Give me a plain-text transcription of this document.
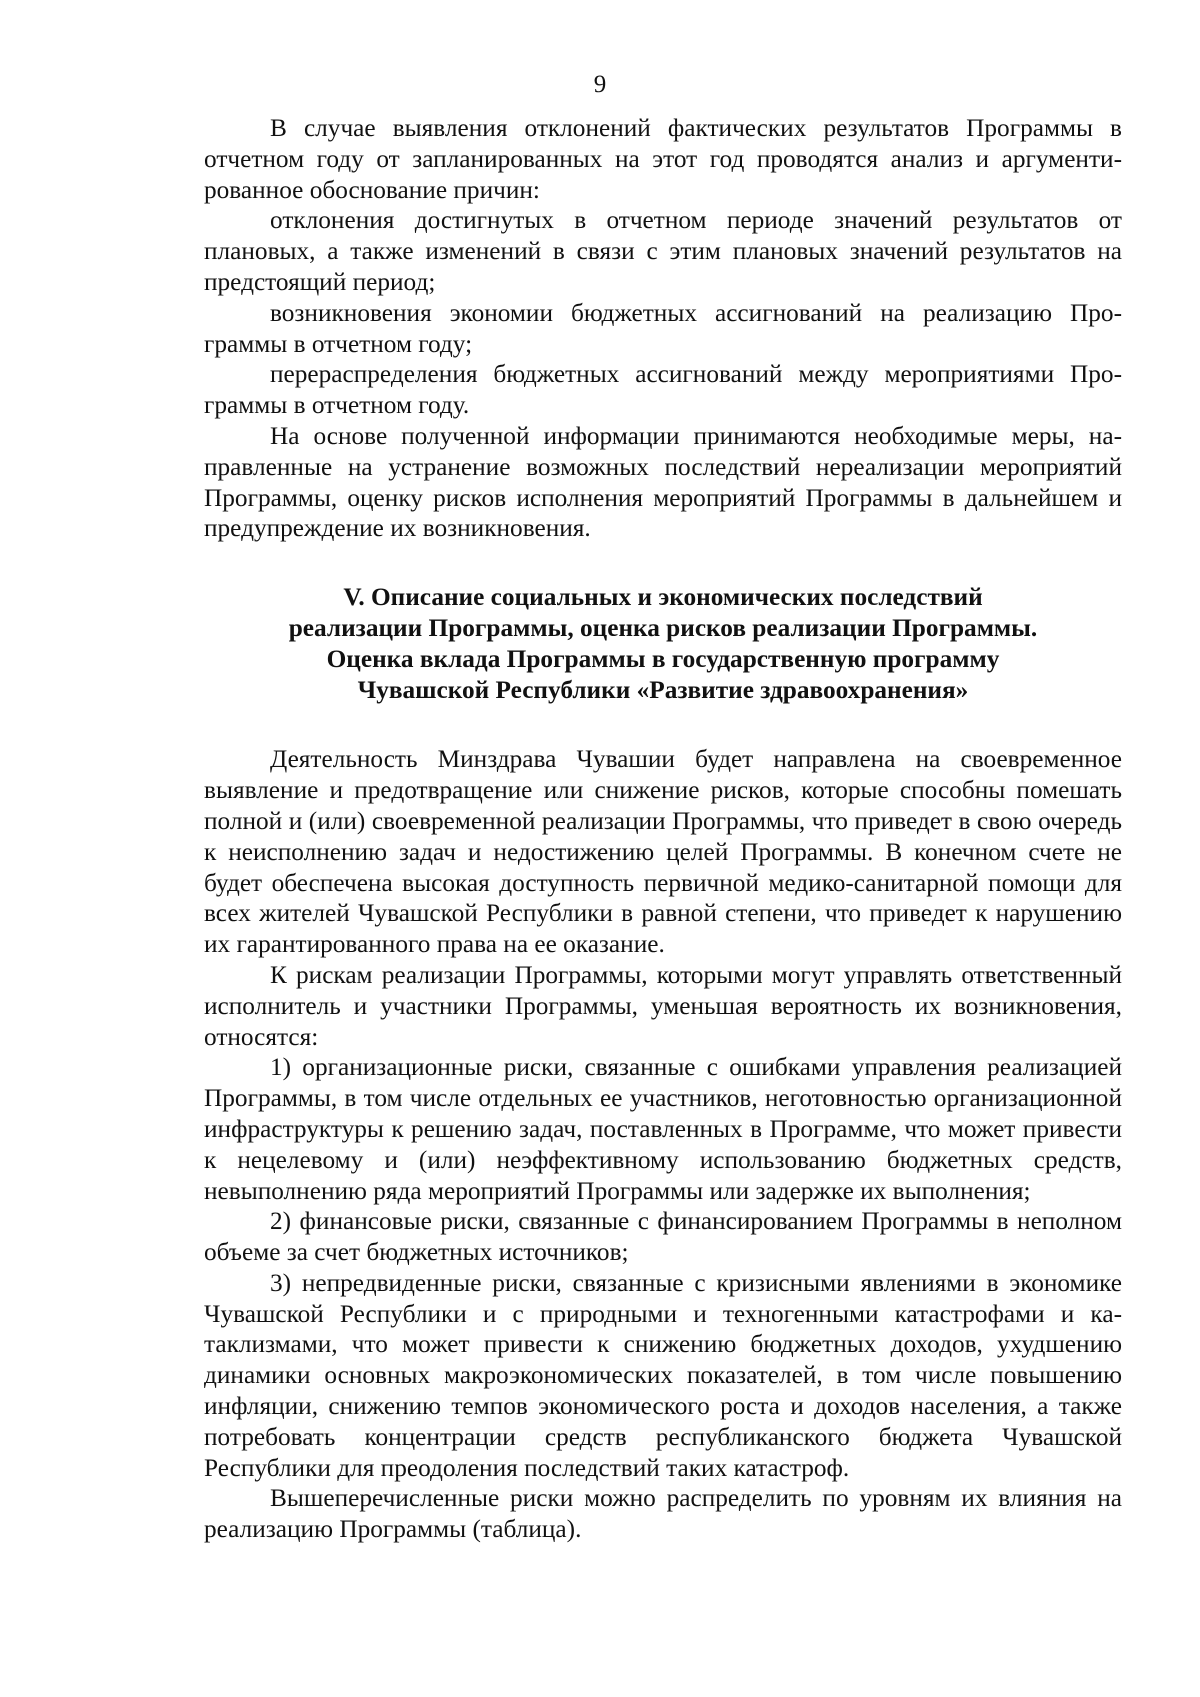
9

В случае выявления отклонений фактических результатов Программы в отчетном году от запланированных на этот год проводятся анализ и аргументированное обоснование причин:

отклонения достигнутых в отчетном периоде значений результатов от плановых, а также изменений в связи с этим плановых значений результатов на предстоящий период;

возникновения экономии бюджетных ассигнований на реализацию Программы в отчетном году;

перераспределения бюджетных ассигнований между мероприятиями Программы в отчетном году.

На основе полученной информации принимаются необходимые меры, направленные на устранение возможных последствий нереализации мероприятий Программы, оценку рисков исполнения мероприятий Программы в дальнейшем и предупреждение их возникновения.

V. Описание социальных и экономических последствий
реализации Программы, оценка рисков реализации Программы.
Оценка вклада Программы в государственную программу
Чувашской Республики «Развитие здравоохранения»

Деятельность Минздрава Чувашии будет направлена на своевременное выявление и предотвращение или снижение рисков, которые способны помешать полной и (или) своевременной реализации Программы, что приведет в свою очередь к неисполнению задач и недостижению целей Программы. В конечном счете не будет обеспечена высокая доступность первичной медико-санитарной помощи для всех жителей Чувашской Республики в равной степени, что приведет к нарушению их гарантированного права на ее оказание.

К рискам реализации Программы, которыми могут управлять ответственный исполнитель и участники Программы, уменьшая вероятность их возникновения, относятся:

1) организационные риски, связанные с ошибками управления реализацией Программы, в том числе отдельных ее участников, неготовностью организационной инфраструктуры к решению задач, поставленных в Программе, что может привести к нецелевому и (или) неэффективному использованию бюджетных средств, невыполнению ряда мероприятий Программы или задержке их выполнения;

2) финансовые риски, связанные с финансированием Программы в неполном объеме за счет бюджетных источников;

3) непредвиденные риски, связанные с кризисными явлениями в экономике Чувашской Республики и с природными и техногенными катастрофами и катаклизмами, что может привести к снижению бюджетных доходов, ухудшению динамики основных макроэкономических показателей, в том числе повышению инфляции, снижению темпов экономического роста и доходов населения, а также потребовать концентрации средств республиканского бюджета Чувашской Республики для преодоления последствий таких катастроф.

Вышеперечисленные риски можно распределить по уровням их влияния на реализацию Программы (таблица).
